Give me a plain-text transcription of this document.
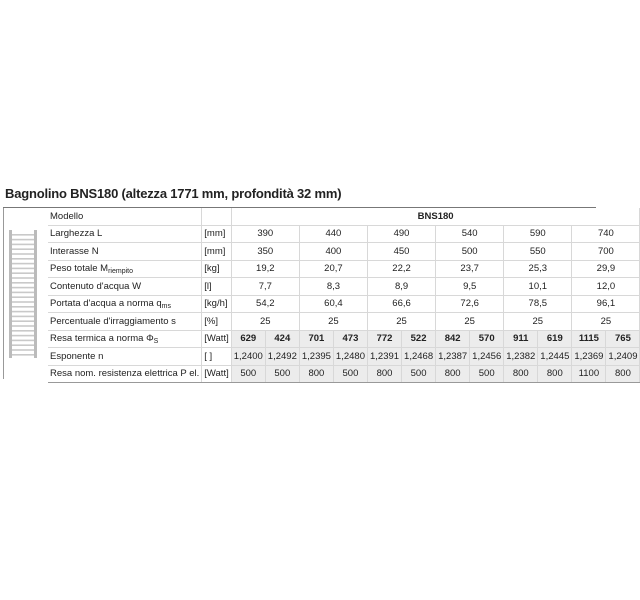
Bagnolino BNS180 (altezza 1771 mm, profondità 32 mm)
Modello		BNS180											
Larghezza L	[mm]	390		440		490		540		590		740	
Interasse N	[mm]	350		400		450		500		550		700	
Peso totale $M_{riempito}$	[kg]	19,2		20,7		22,2		23,7		25,3		29,9	
Contenuto d'acqua W	[l]	7,7		8,3		8,9		9,5		10,1		12,0	
Portata d'acqua a norma $q_{ms}$	[kg/h]	54,2		60,4		66,6		72,6		78,5		96,1	
Percentuale d'irraggiamento s	[%]	25		25		25		25		25		25	
Resa termica a norma $\Phi_S$	[Watt]	629	424	701	473	772	522	842	570	911	619	1115	765
Esponente n	[ ]	1,2400	1,2492	1,2395	1,2480	1,2391	1,2468	1,2387	1,2456	1,2382	1,2445	1,2369	1,2409
Resa nom. resistenza elettrica P el.	[Watt]	500	500	800	500	800	500	800	500	800	800	1100	800
